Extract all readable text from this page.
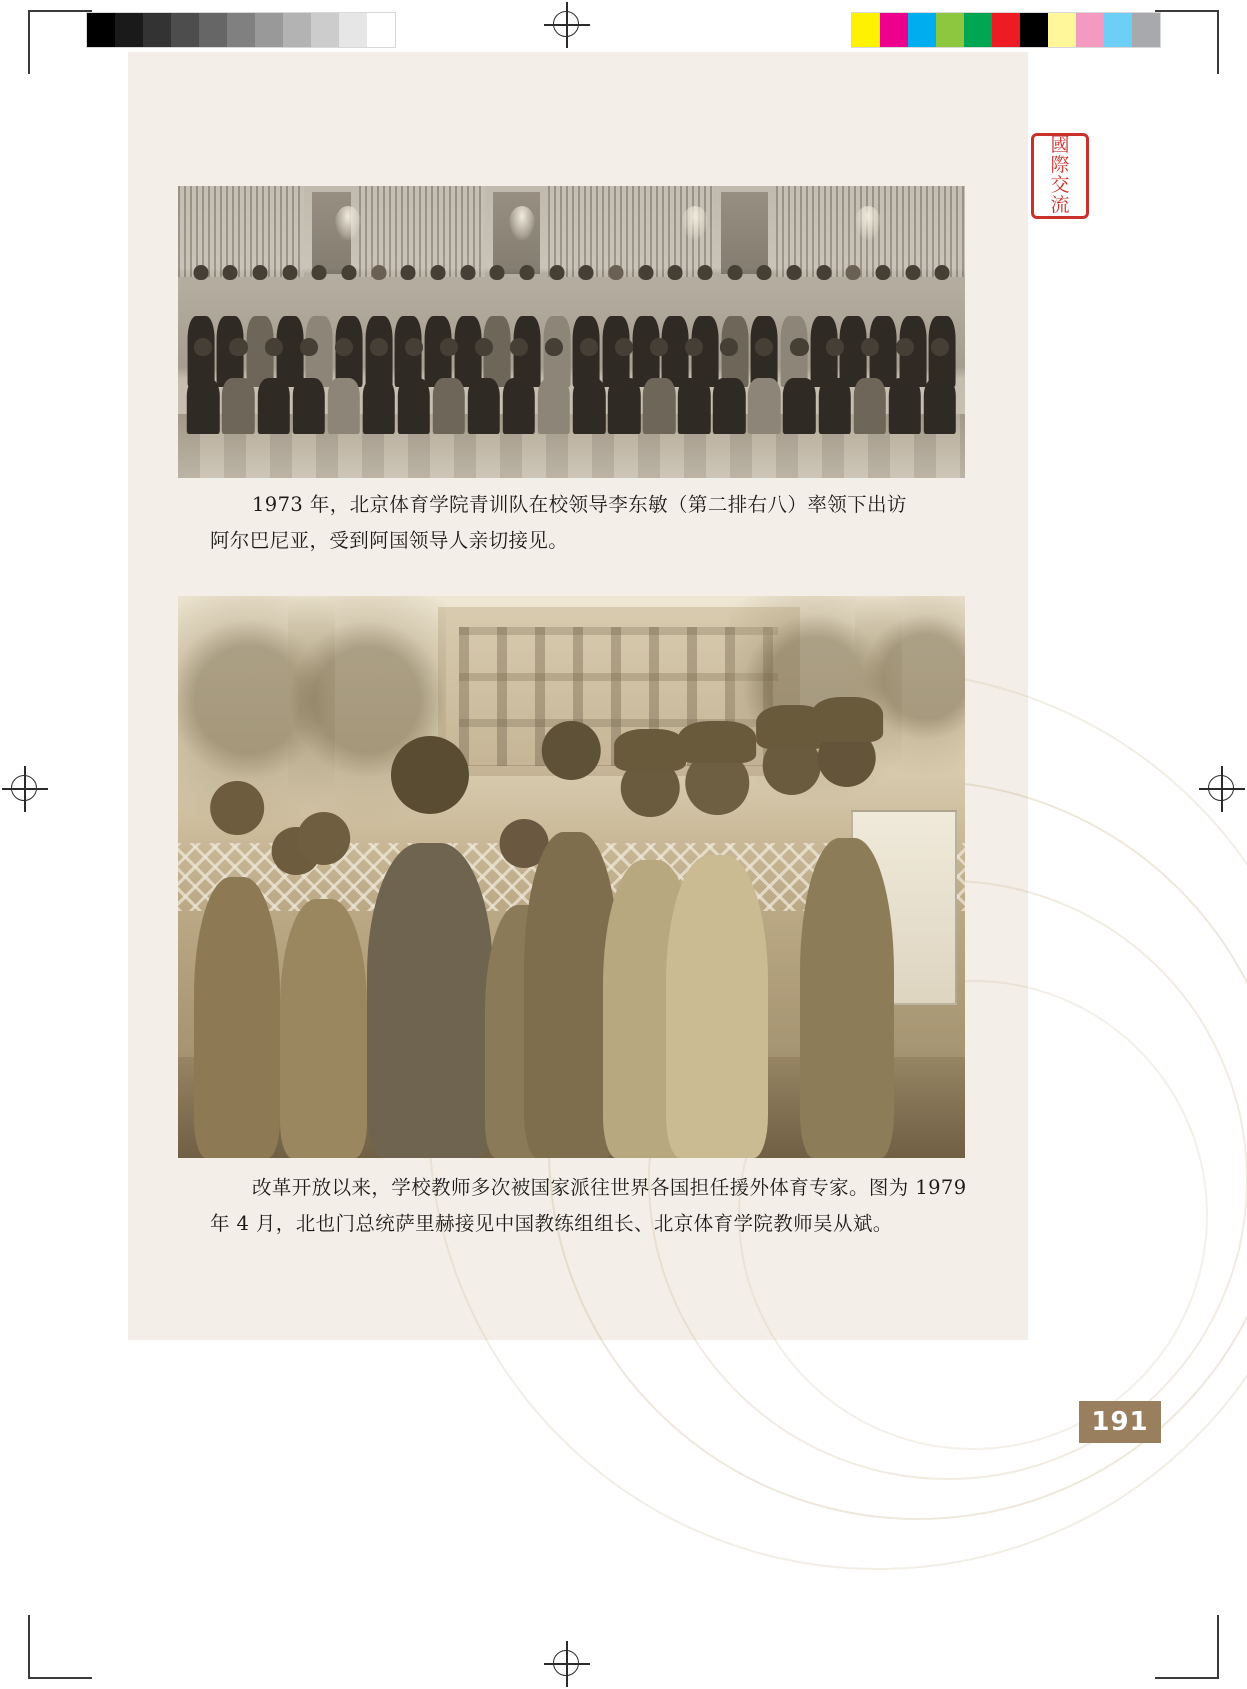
國
際
交
流
1973 年，北京体育学院青训队在校领导李东敏（第二排右八）率领下出访
阿尔巴尼亚，受到阿国领导人亲切接见。
改革开放以来，学校教师多次被国家派往世界各国担任援外体育专家。图为 1979
年 4 月，北也门总统萨里赫接见中国教练组组长、北京体育学院教师吴从斌。
191
